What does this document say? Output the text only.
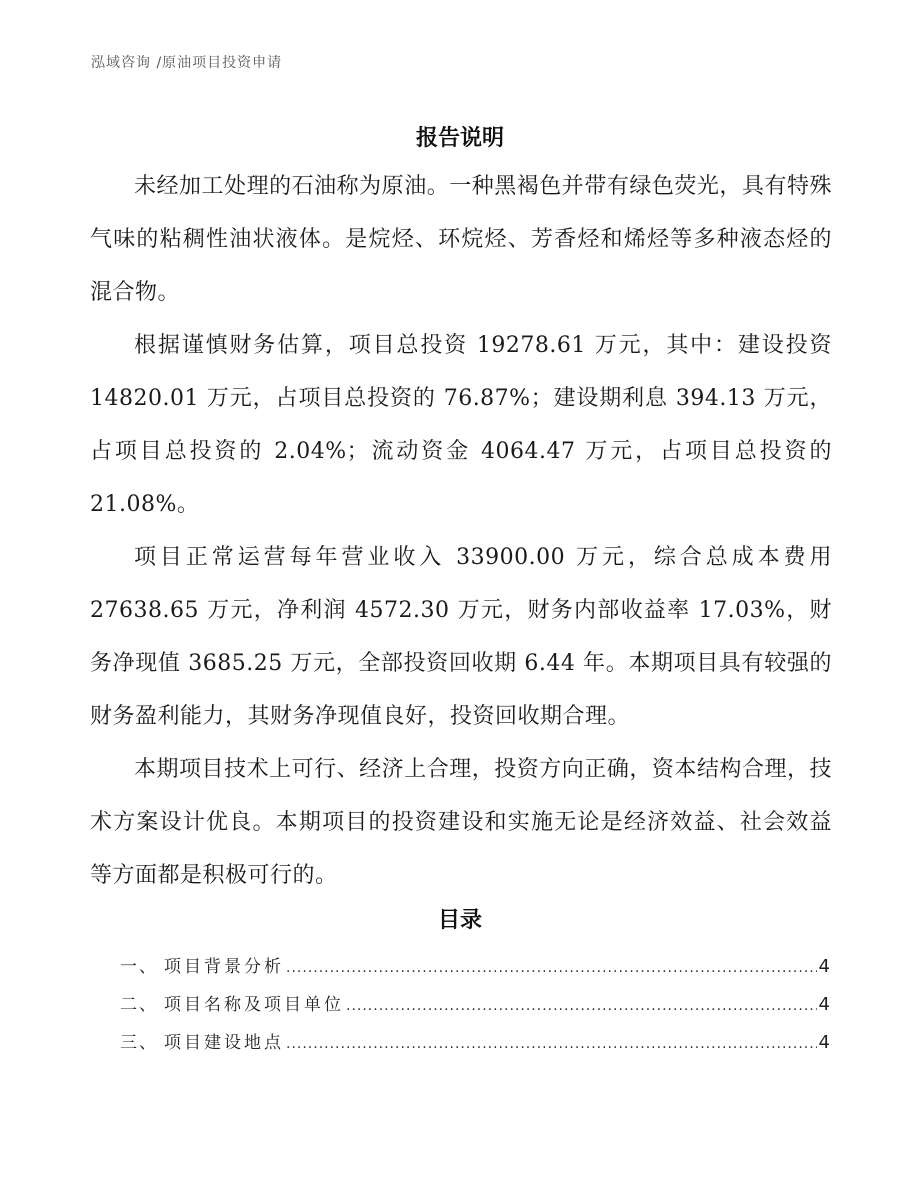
泓域咨询 /原油项目投资申请
报告说明

未经加工处理的石油称为原油。一种黑褐色并带有绿色荧光，具有特殊气味的粘稠性油状液体。是烷烃、环烷烃、芳香烃和烯烃等多种液态烃的混合物。

根据谨慎财务估算，项目总投资 19278.61 万元，其中：建设投资 14820.01 万元，占项目总投资的 76.87%；建设期利息 394.13 万元，占项目总投资的 2.04%；流动资金 4064.47 万元，占项目总投资的 21.08%。

项目正常运营每年营业收入 33900.00 万元，综合总成本费用 27638.65 万元，净利润 4572.30 万元，财务内部收益率 17.03%，财务净现值 3685.25 万元，全部投资回收期 6.44 年。本期项目具有较强的财务盈利能力，其财务净现值良好，投资回收期合理。

本期项目技术上可行、经济上合理，投资方向正确，资本结构合理，技术方案设计优良。本期项目的投资建设和实施无论是经济效益、社会效益等方面都是积极可行的。

目录
一、 项目背景分析 .....	4
二、 项目名称及项目单位 .....	4
三、 项目建设地点 .....	4
